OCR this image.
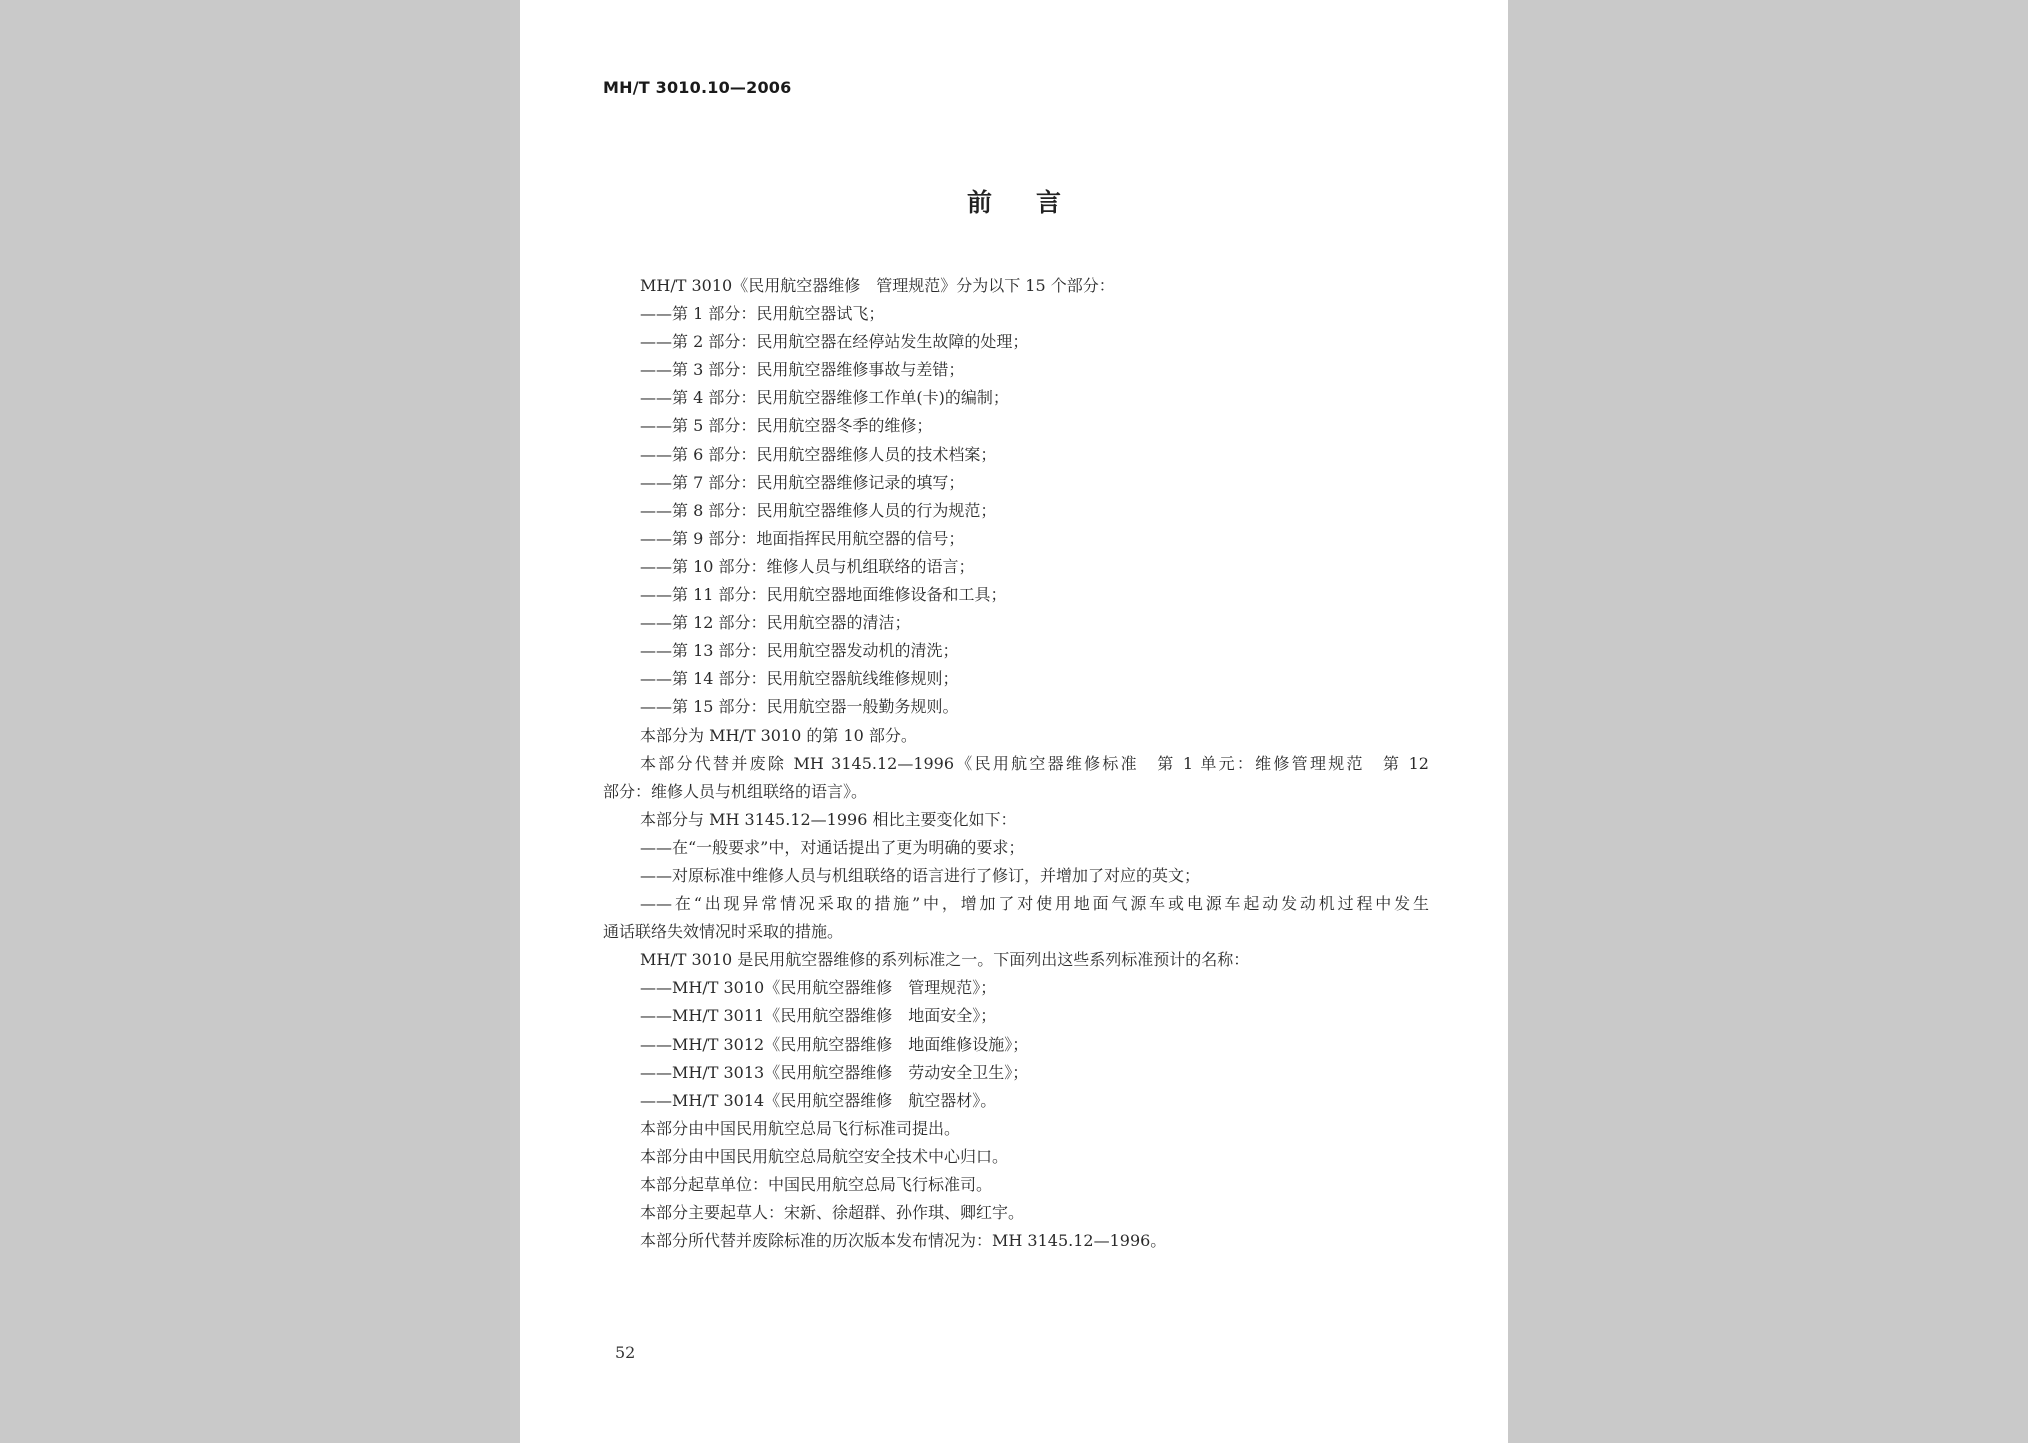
MH/T 3010.10—2006
前言
MH/T 3010《民用航空器维修　管理规范》分为以下 15 个部分：
——第 1 部分：民用航空器试飞；
——第 2 部分：民用航空器在经停站发生故障的处理；
——第 3 部分：民用航空器维修事故与差错；
——第 4 部分：民用航空器维修工作单(卡)的编制；
——第 5 部分：民用航空器冬季的维修；
——第 6 部分：民用航空器维修人员的技术档案；
——第 7 部分：民用航空器维修记录的填写；
——第 8 部分：民用航空器维修人员的行为规范；
——第 9 部分：地面指挥民用航空器的信号；
——第 10 部分：维修人员与机组联络的语言；
——第 11 部分：民用航空器地面维修设备和工具；
——第 12 部分：民用航空器的清洁；
——第 13 部分：民用航空器发动机的清洗；
——第 14 部分：民用航空器航线维修规则；
——第 15 部分：民用航空器一般勤务规则。
本部分为 MH/T 3010 的第 10 部分。
本部分代替并废除 MH 3145.12—1996《民用航空器维修标准　第 1 单元：维修管理规范　第 12
部分：维修人员与机组联络的语言》。
本部分与 MH 3145.12—1996 相比主要变化如下：
——在“一般要求”中，对通话提出了更为明确的要求；
——对原标准中维修人员与机组联络的语言进行了修订，并增加了对应的英文；
——在“出现异常情况采取的措施”中，增加了对使用地面气源车或电源车起动发动机过程中发生
通话联络失效情况时采取的措施。
MH/T 3010 是民用航空器维修的系列标准之一。下面列出这些系列标准预计的名称：
——MH/T 3010《民用航空器维修　管理规范》；
——MH/T 3011《民用航空器维修　地面安全》；
——MH/T 3012《民用航空器维修　地面维修设施》；
——MH/T 3013《民用航空器维修　劳动安全卫生》；
——MH/T 3014《民用航空器维修　航空器材》。
本部分由中国民用航空总局飞行标准司提出。
本部分由中国民用航空总局航空安全技术中心归口。
本部分起草单位：中国民用航空总局飞行标准司。
本部分主要起草人：宋新、徐超群、孙作琪、卿红宇。
本部分所代替并废除标准的历次版本发布情况为：MH 3145.12—1996。
52
